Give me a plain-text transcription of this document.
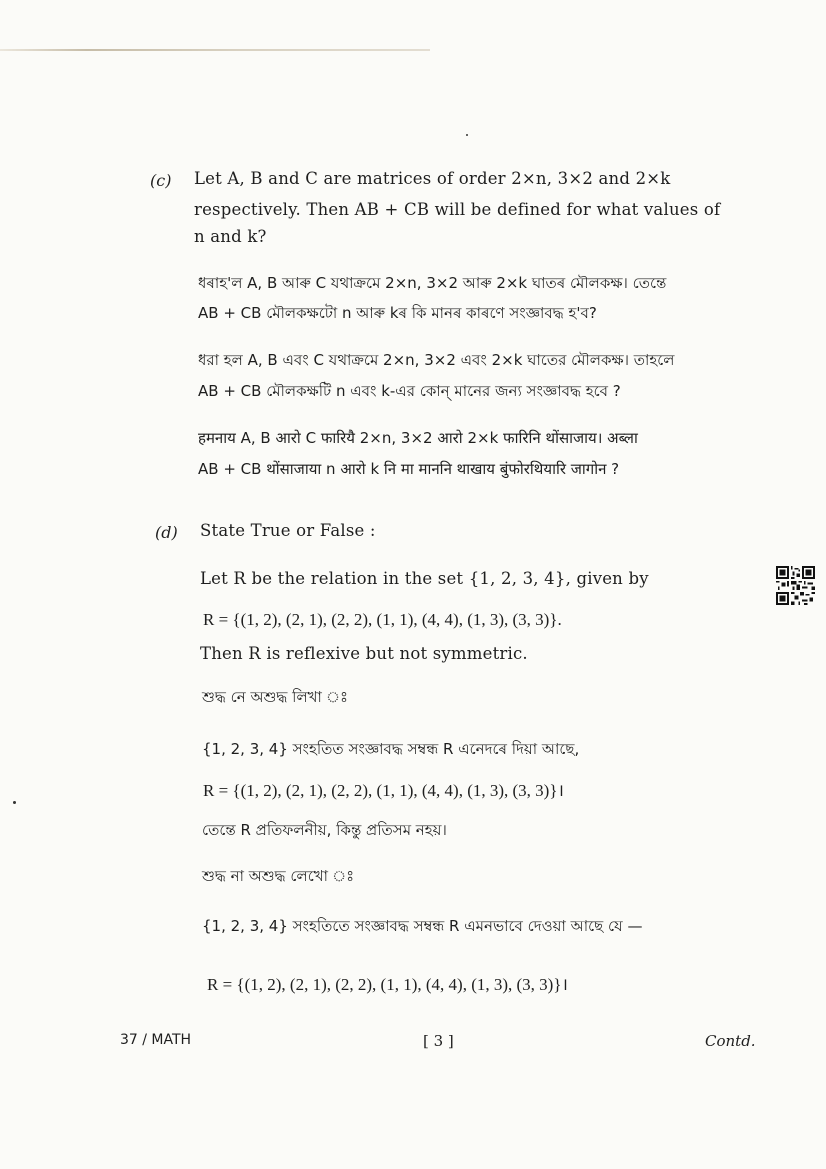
(c) Let A, B and C are matrices of order 2×n, 3×2 and 2×k
respectively. Then AB + CB will be defined for what values of
n and k?
ধৰাহ'ল A, B আৰু C যথাক্ৰমে 2×n, 3×2 আৰু 2×k ঘাতৰ মৌলকক্ষ। তেন্তে
AB + CB মৌলকক্ষটো n আৰু kৰ কি মানৰ কাৰণে সংজ্ঞাবদ্ধ হ'ব?
ধরা হল A, B এবং C যথাক্রমে 2×n, 3×2 এবং 2×k ঘাতের মৌলকক্ষ। তাহলে
AB + CB মৌলকক্ষটি n এবং k-এর কোন্ মানের জন্য সংজ্ঞাবদ্ধ হবে ?
हमनाय A, B आरो C फारियै 2×n, 3×2 आरो 2×k फारिनि थोंसाजाय। अब्ला
AB + CB थोंसाजाया n आरो k नि मा माननि थाखाय बुंफोरथियारि जागोन ?
(d) State True or False :
Let R be the relation in the set {1, 2, 3, 4}, given by
R = {(1, 2), (2, 1), (2, 2), (1, 1), (4, 4), (1, 3), (3, 3)}.
Then R is reflexive but not symmetric.
শুদ্ধ নে অশুদ্ধ লিখা ঃ
{1, 2, 3, 4} সংহতিত সংজ্ঞাবদ্ধ সম্বন্ধ R এনেদৰে দিয়া আছে,
R = {(1, 2), (2, 1), (2, 2), (1, 1), (4, 4), (1, 3), (3, 3)}।
তেন্তে R প্ৰতিফলনীয়, কিন্তু প্ৰতিসম নহয়।
শুদ্ধ না অশুদ্ধ লেখো ঃ
{1, 2, 3, 4} সংহতিতে সংজ্ঞাবদ্ধ সম্বন্ধ R এমনভাবে দেওয়া আছে যে —
R = {(1, 2), (2, 1), (2, 2), (1, 1), (4, 4), (1, 3), (3, 3)}।
37 / MATH	[ 3 ]	Contd.
